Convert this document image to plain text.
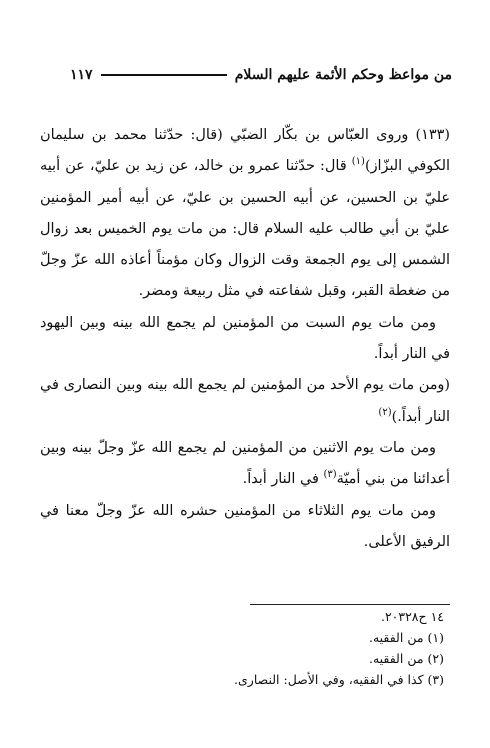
من مواعظ وحكم الأئمة عليهم السلام
١١٧

(١٣٣) وروى العبّاس بن بكّار الضبّي (قال: حدّثنا محمد بن سليمان الكوفي البزّاز)$^{(١)}$ قال: حدّثنا عمرو بن خالد، عن زيد بن عليّ، عن أبيه عليّ بن الحسين، عن أبيه الحسين بن عليّ، عن أبيه أمير المؤمنين عليّ بن أبي طالب عليه السلام قال: من مات يوم الخميس بعد زوال الشمس إلى يوم الجمعة وقت الزوال وكان مؤمناً أعاذه الله عزّ وجلّ من ضغطة القبر، وقبل شفاعته في مثل ربيعة ومضر.

ومن مات يوم السبت من المؤمنين لم يجمع الله بينه وبين اليهود في النار أبداً.

(ومن مات يوم الأحد من المؤمنين لم يجمع الله بينه وبين النصارى في النار أبداً.)$^{(٢)}$

ومن مات يوم الاثنين من المؤمنين لم يجمع الله عزّ وجلّ بينه وبين أعدائنا من بني أميّة$^{(٣)}$ في النار أبداً.

ومن مات يوم الثلاثاء من المؤمنين حشره الله عزّ وجلّ معنا في الرفيق الأعلى.

١٤ ح٢٠٣٢٨.
(١) من الفقيه.
(٢) من الفقيه.
(٣) كذا في الفقيه، وفي الأصل: النصارى.
